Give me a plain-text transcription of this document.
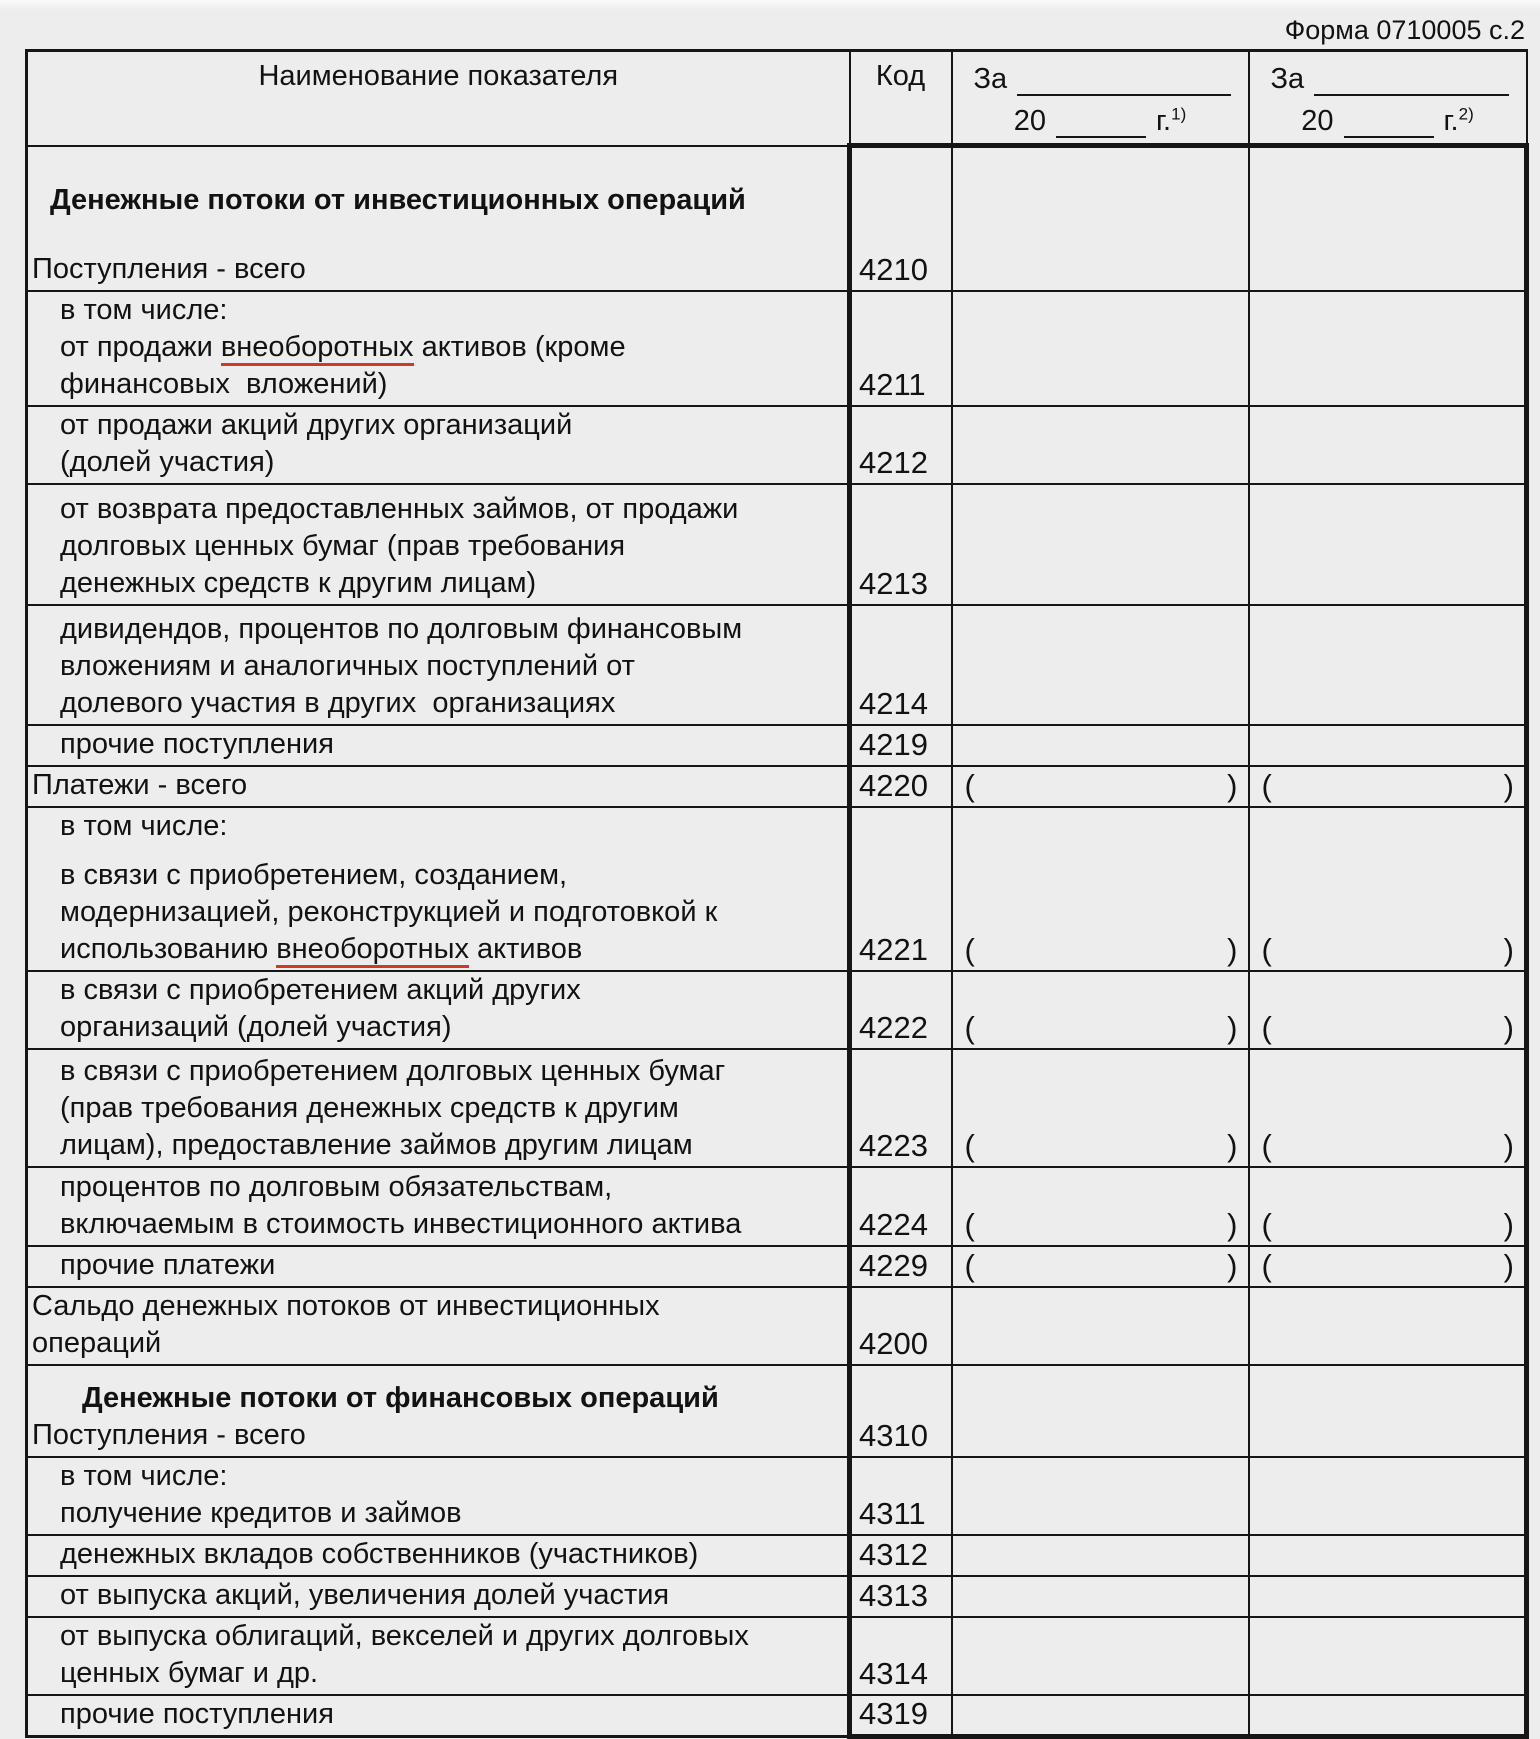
Форма 0710005 с.2
Наименование показателя	Код	За
20	г.$^{1)}$

За
20	г.$^{2)}$

Денежные потоки от инвестиционных операций
Поступления - всего	4210		

в том числе:
от продажи внеоборотных активов (кроме
финансовых  вложений)	4211		

от продажи акций других организаций
(долей участия)	4212		

от возврата предоставленных займов, от продажи
долговых ценных бумаг (прав требования
денежных средств к другим лицам)	4213		

дивидендов, процентов по долговым финансовым
вложениям и аналогичных поступлений от
долевого участия в других  организациях	4214		

прочие поступления	4219		

Платежи - всего	4220	( )	( )

в том числе:
в связи с приобретением, созданием,
модернизацией, реконструкцией и подготовкой к
использованию внеоборотных активов	4221	(	)	(	)

в связи с приобретением акций других
организаций (долей участия)	4222	(	)	(	)

в связи с приобретением долговых ценных бумаг
(прав требования денежных средств к другим
лицам), предоставление займов другим лицам	4223	(	)	(	)

процентов по долговым обязательствам,
включаемым в стоимость инвестиционного актива	4224	(	)	(	)

прочие платежи	4229	( )	( )

Сальдо денежных потоков от инвестиционных
операций	4200		

Денежные потоки от финансовых операций
Поступления - всего	4310		

в том числе:
получение кредитов и займов	4311		

денежных вкладов собственников (участников)	4312		

от выпуска акций, увеличения долей участия	4313		

от выпуска облигаций, векселей и других долговых
ценных бумаг и др.	4314		

прочие поступления	4319		
